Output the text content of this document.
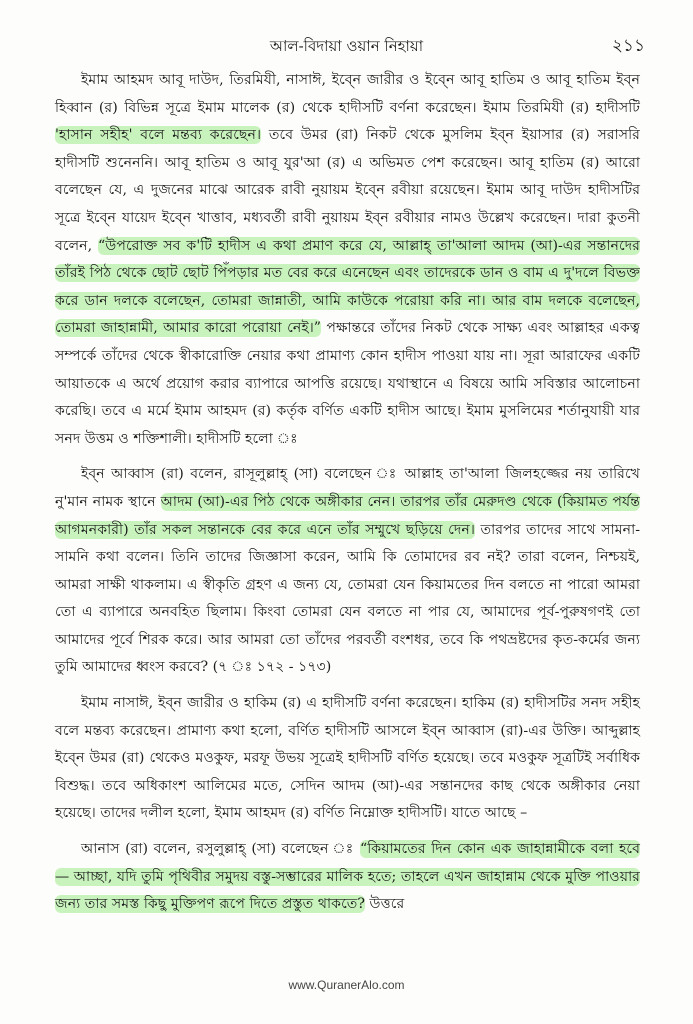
আল-বিদায়া ওয়ান নিহায়া	২১১

ইমাম আহমদ আবূ দাউদ, তিরমিযী, নাসাঈ, ইব্নে জারীর ও ইব্নে আবূ হাতিম ও আবূ হাতিম ইব্ন হিব্বান (র) বিভিন্ন সূত্রে ইমাম মালেক (র) থেকে হাদীসটি বর্ণনা করেছেন। ইমাম তিরমিযী (র) হাদীসটি 'হাসান সহীহ' বলে মন্তব্য করেছেন। তবে উমর (রা) নিকট থেকে মুসলিম ইব্ন ইয়াসার (র) সরাসরি হাদীসটি শুনেননি। আবূ হাতিম ও আবূ যুর'আ (র) এ অভিমত পেশ করেছেন। আবূ হাতিম (র) আরো বলেছেন যে, এ দুজনের মাঝে আরেক রাবী নুয়ায়ম ইব্নে রবীয়া রয়েছেন। ইমাম আবূ দাউদ হাদীসটির সূত্রে ইব্নে যায়েদ ইব্নে খাত্তাব, মধ্যবর্তী রাবী নুয়ায়ম ইব্ন রবীয়ার নামও উল্লেখ করেছেন। দারা কুতনী বলেন, “উপরোক্ত সব ক'টি হাদীস এ কথা প্রমাণ করে যে, আল্লাহ্ তা'আলা আদম (আ)-এর সন্তানদের তাঁরই পিঠ থেকে ছোট ছোট পিঁপড়ার মত বের করে এনেছেন এবং তাদেরকে ডান ও বাম এ দু'দলে বিভক্ত করে ডান দলকে বলেছেন, তোমরা জান্নাতী, আমি কাউকে পরোয়া করি না। আর বাম দলকে বলেছেন, তোমরা জাহান্নামী, আমার কারো পরোয়া নেই।” পক্ষান্তরে তাঁদের নিকট থেকে সাক্ষ্য এবং আল্লাহর একত্ব সম্পর্কে তাঁদের থেকে স্বীকারোক্তি নেয়ার কথা প্রামাণ্য কোন হাদীস পাওয়া যায় না। সূরা আরাফের একটি আয়াতকে এ অর্থে প্রয়োগ করার ব্যাপারে আপত্তি রয়েছে। যথাস্থানে এ বিষয়ে আমি সবিস্তার আলোচনা করেছি। তবে এ মর্মে ইমাম আহমদ (র) কর্তৃক বর্ণিত একটি হাদীস আছে। ইমাম মুসলিমের শর্তানুযায়ী যার সনদ উত্তম ও শক্তিশালী। হাদীসটি হলো ঃ

ইব্ন আব্বাস (রা) বলেন, রাসূলুল্লাহ্ (সা) বলেছেন ঃ আল্লাহ তা'আলা জিলহজ্জের নয় তারিখে নু'মান নামক স্থানে আদম (আ)-এর পিঠ থেকে অঙ্গীকার নেন। তারপর তাঁর মেরুদণ্ড থেকে (কিয়ামত পর্যন্ত আগমনকারী) তাঁর সকল সন্তানকে বের করে এনে তাঁর সম্মুখে ছড়িয়ে দেন। তারপর তাদের সাথে সামনা-সামনি কথা বলেন। তিনি তাদের জিজ্ঞাসা করেন, আমি কি তোমাদের রব নই? তারা বলেন, নিশ্চয়ই, আমরা সাক্ষী থাকলাম। এ স্বীকৃতি গ্রহণ এ জন্য যে, তোমরা যেন কিয়ামতের দিন বলতে না পারো আমরা তো এ ব্যাপারে অনবহিত ছিলাম। কিংবা তোমরা যেন বলতে না পার যে, আমাদের পূর্ব-পুরুষগণই তো আমাদের পূর্বে শিরক করে। আর আমরা তো তাঁদের পরবর্তী বংশধর, তবে কি পথভ্রষ্টদের কৃত-কর্মের জন্য তুমি আমাদের ধ্বংস করবে? (৭ ঃ ১৭২ - ১৭৩)

ইমাম নাসাঈ, ইব্ন জারীর ও হাকিম (র) এ হাদীসটি বর্ণনা করেছেন। হাকিম (র) হাদীসটির সনদ সহীহ বলে মন্তব্য করেছেন। প্রামাণ্য কথা হলো, বর্ণিত হাদীসটি আসলে ইব্ন আব্বাস (রা)-এর উক্তি। আব্দুল্লাহ ইব্নে উমর (রা) থেকেও মওকুফ, মরফূ উভয় সূত্রেই হাদীসটি বর্ণিত হয়েছে। তবে মওকুফ সূত্রটিই সর্বাধিক বিশুদ্ধ। তবে অধিকাংশ আলিমের মতে, সেদিন আদম (আ)-এর সন্তানদের কাছ থেকে অঙ্গীকার নেয়া হয়েছে। তাদের দলীল হলো, ইমাম আহমদ (র) বর্ণিত নিম্নোক্ত হাদীসটি। যাতে আছে –

আনাস (রা) বলেন, রসুলুল্লাহ্ (সা) বলেছেন ঃ “কিয়ামতের দিন কোন এক জাহান্নামীকে বলা হবে— আচ্ছা, যদি তুমি পৃথিবীর সমুদয় বস্তু-সম্ভারের মালিক হতে; তাহলে এখন জাহান্নাম থেকে মুক্তি পাওয়ার জন্য তার সমস্ত কিছু মুক্তিপণ রূপে দিতে প্রস্তুত থাকতে? উত্তরে

www.QuranerAlo.com
